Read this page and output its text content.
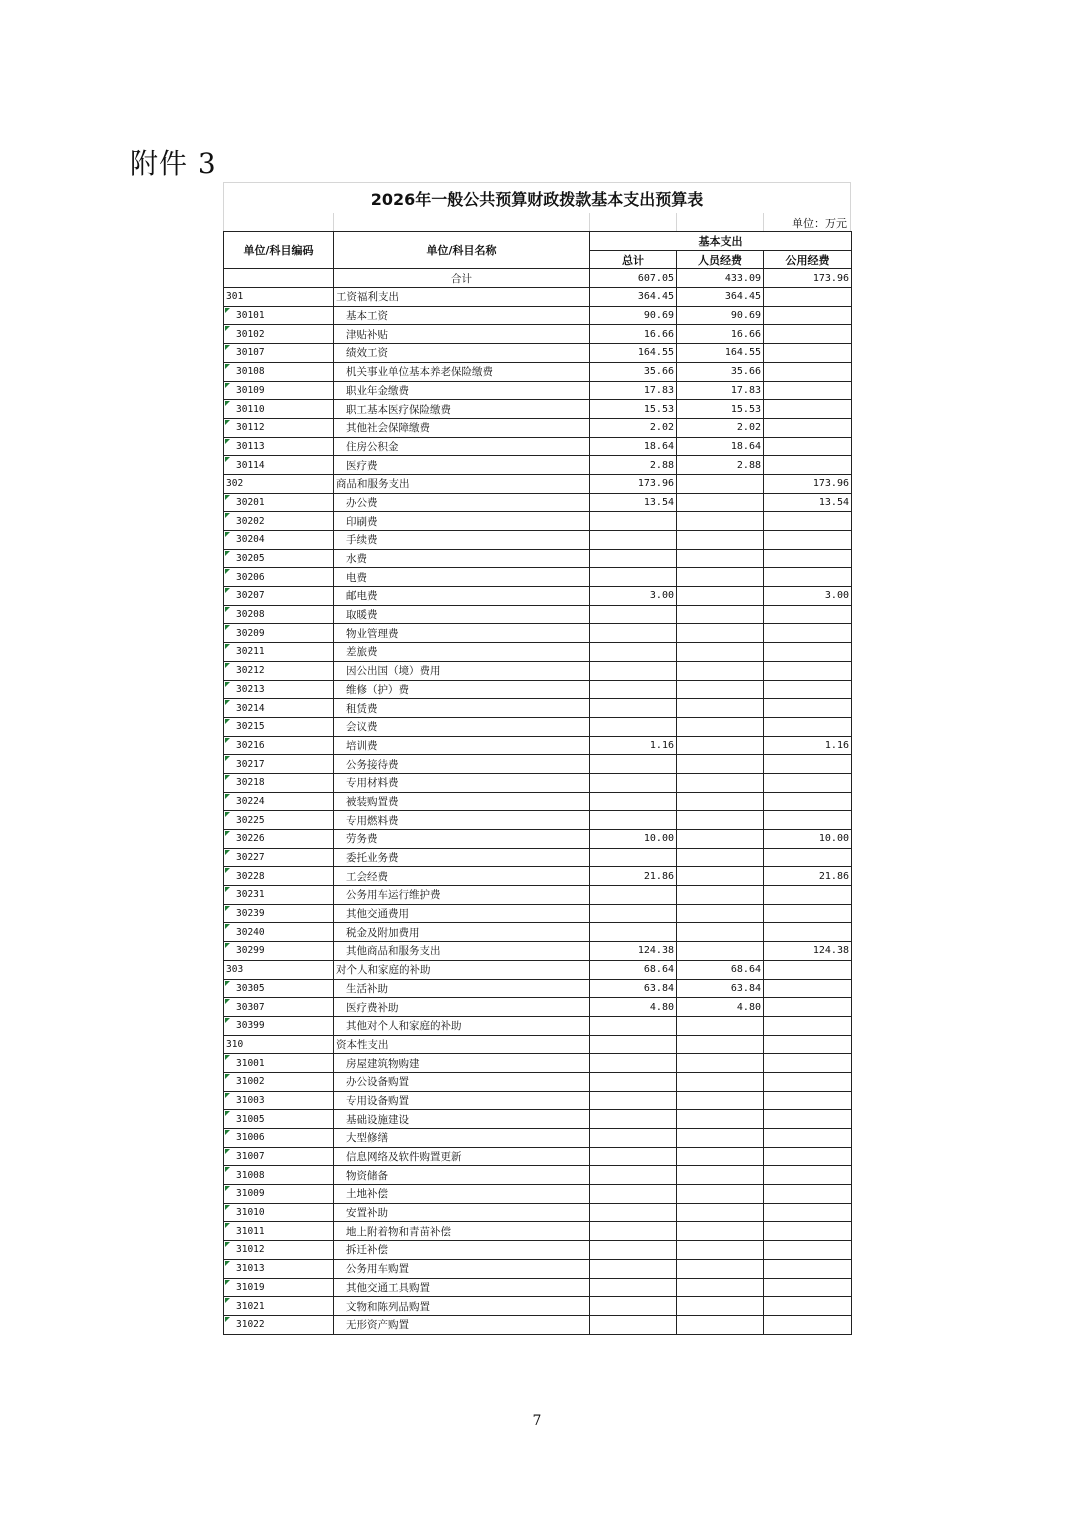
附件 3
2026年一般公共预算财政拨款基本支出预算表
单位：万元
单位/科目编码	单位/科目名称	基本支出		
		总计	人员经费	公用经费
	合计	607.05	433.09	173.96
301	工资福利支出	364.45	364.45	
30101	基本工资	90.69	90.69	
30102	津贴补贴	16.66	16.66	
30107	绩效工资	164.55	164.55	
30108	机关事业单位基本养老保险缴费	35.66	35.66	
30109	职业年金缴费	17.83	17.83	
30110	职工基本医疗保险缴费	15.53	15.53	
30112	其他社会保障缴费	2.02	2.02	
30113	住房公积金	18.64	18.64	
30114	医疗费	2.88	2.88	
302	商品和服务支出	173.96		173.96
30201	办公费	13.54		13.54
30202	印刷费			
30204	手续费			
30205	水费			
30206	电费			
30207	邮电费	3.00		3.00
30208	取暖费			
30209	物业管理费			
30211	差旅费			
30212	因公出国（境）费用			
30213	维修（护）费			
30214	租赁费			
30215	会议费			
30216	培训费	1.16		1.16
30217	公务接待费			
30218	专用材料费			
30224	被装购置费			
30225	专用燃料费			
30226	劳务费	10.00		10.00
30227	委托业务费			
30228	工会经费	21.86		21.86
30231	公务用车运行维护费			
30239	其他交通费用			
30240	税金及附加费用			
30299	其他商品和服务支出	124.38		124.38
303	对个人和家庭的补助	68.64	68.64	
30305	生活补助	63.84	63.84	
30307	医疗费补助	4.80	4.80	
30399	其他对个人和家庭的补助			
310	资本性支出			
31001	房屋建筑物购建			
31002	办公设备购置			
31003	专用设备购置			
31005	基础设施建设			
31006	大型修缮			
31007	信息网络及软件购置更新			
31008	物资储备			
31009	土地补偿			
31010	安置补助			
31011	地上附着物和青苗补偿			
31012	拆迁补偿			
31013	公务用车购置			
31019	其他交通工具购置			
31021	文物和陈列品购置			
31022	无形资产购置			
7
